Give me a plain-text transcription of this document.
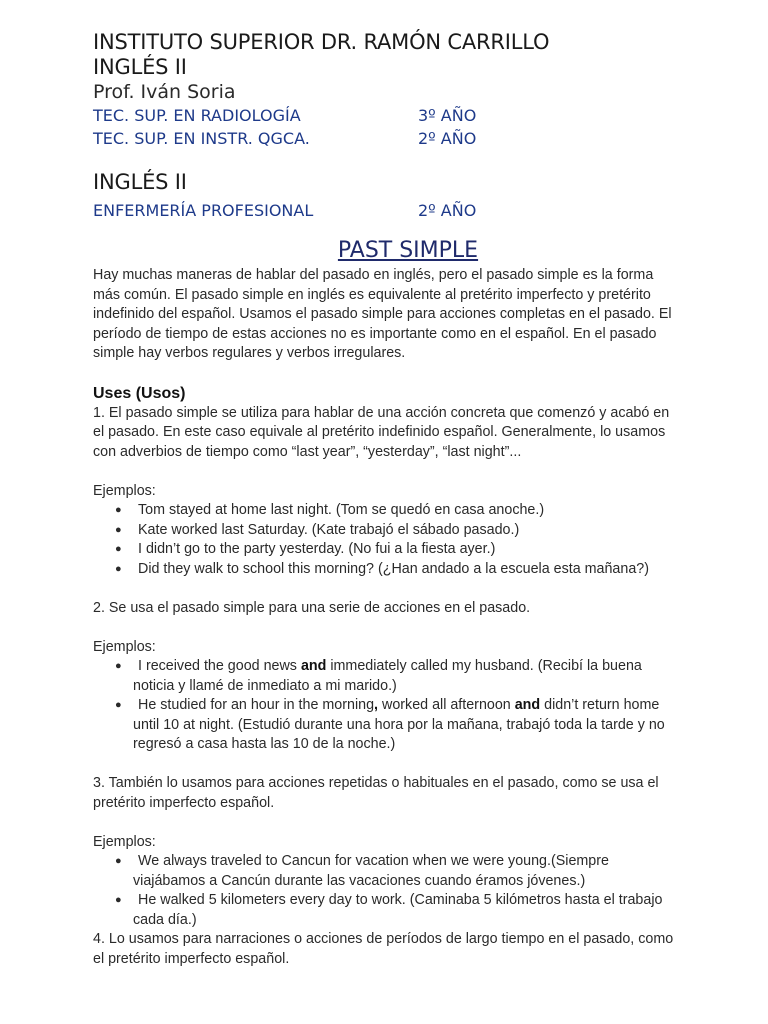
INSTITUTO SUPERIOR DR. RAMÓN CARRILLO
INGLÉS II
Prof. Iván Soria
TEC. SUP. EN RADIOLOGÍA	3º AÑO
TEC. SUP. EN INSTR. QGCA.	2º AÑO
INGLÉS II
ENFERMERÍA PROFESIONAL	2º AÑO
PAST SIMPLE

Hay muchas maneras de hablar del pasado en inglés, pero el pasado simple es la forma

más común. El pasado simple en inglés es equivalente al pretérito imperfecto y pretérito

indefinido del español. Usamos el pasado simple para acciones completas en el pasado. El

período de tiempo de estas acciones no es importante como en el español. En el pasado

simple hay verbos regulares y verbos irregulares.

Uses (Usos)

1. El pasado simple se utiliza para hablar de una acción concreta que comenzó y acabó en

el pasado. En este caso equivale al pretérito indefinido español. Generalmente, lo usamos

con adverbios de tiempo como “last year”, “yesterday”, “last night”...

Ejemplos:

● Tom stayed at home last night. (Tom se quedó en casa anoche.)
● Kate worked last Saturday. (Kate trabajó el sábado pasado.)
● I didn’t go to the party yesterday. (No fui a la fiesta ayer.)
● Did they walk to school this morning? (¿Han andado a la escuela esta mañana?)

2. Se usa el pasado simple para una serie de acciones en el pasado.

Ejemplos:

● I received the good news and immediately called my husband. (Recibí la buena
noticia y llamé de inmediato a mi marido.)
● He studied for an hour in the morning, worked all afternoon and didn’t return home
until 10 at night. (Estudió durante una hora por la mañana, trabajó toda la tarde y no
regresó a casa hasta las 10 de la noche.)

3. También lo usamos para acciones repetidas o habituales en el pasado, como se usa el

pretérito imperfecto español.

Ejemplos:

● We always traveled to Cancun for vacation when we were young.(Siempre
viajábamos a Cancún durante las vacaciones cuando éramos jóvenes.)
● He walked 5 kilometers every day to work. (Caminaba 5 kilómetros hasta el trabajo
cada día.)

4. Lo usamos para narraciones o acciones de períodos de largo tiempo en el pasado, como

el pretérito imperfecto español.
